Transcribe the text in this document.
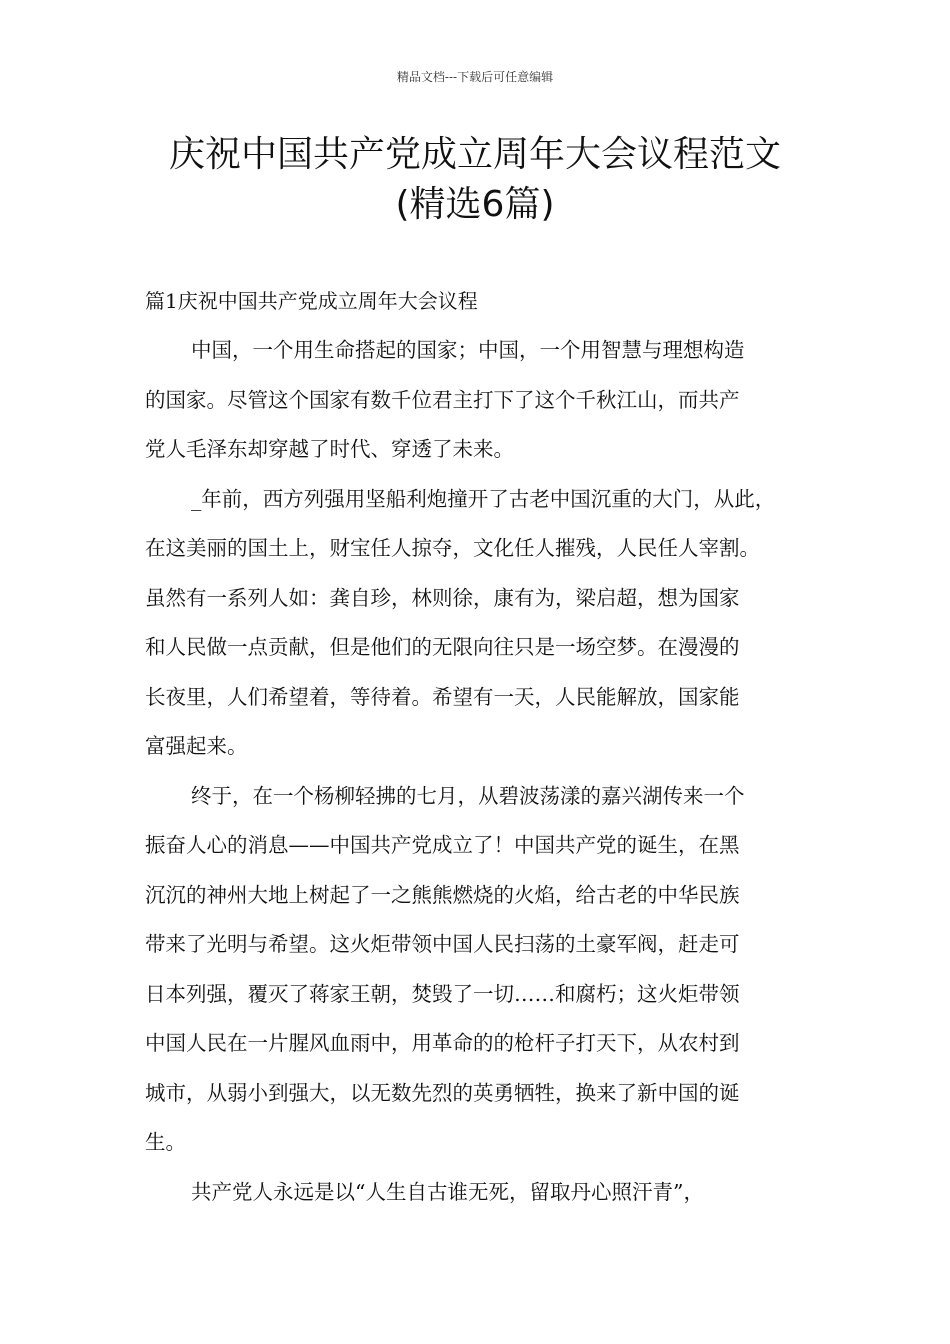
精品文档---下载后可任意编辑
庆祝中国共产党成立周年大会议程范文
(精选6篇)
篇1庆祝中国共产党成立周年大会议程
中国，一个用生命搭起的国家；中国，一个用智慧与理想构造
的国家。尽管这个国家有数千位君主打下了这个千秋江山，而共产
党人毛泽东却穿越了时代、穿透了未来。
_年前，西方列强用坚船利炮撞开了古老中国沉重的大门，从此，
在这美丽的国土上，财宝任人掠夺，文化任人摧残，人民任人宰割。
虽然有一系列人如：龚自珍，林则徐，康有为，梁启超，想为国家
和人民做一点贡献，但是他们的无限向往只是一场空梦。在漫漫的
长夜里，人们希望着，等待着。希望有一天，人民能解放，国家能
富强起来。
终于，在一个杨柳轻拂的七月，从碧波荡漾的嘉兴湖传来一个
振奋人心的消息——中国共产党成立了！中国共产党的诞生，在黑
沉沉的神州大地上树起了一之熊熊燃烧的火焰，给古老的中华民族
带来了光明与希望。这火炬带领中国人民扫荡的土豪军阀，赶走可
日本列强，覆灭了蒋家王朝，焚毁了一切……和腐朽；这火炬带领
中国人民在一片腥风血雨中，用革命的的枪杆子打天下，从农村到
城市，从弱小到强大，以无数先烈的英勇牺牲，换来了新中国的诞
生。
共产党人永远是以“人生自古谁无死，留取丹心照汗青”，
